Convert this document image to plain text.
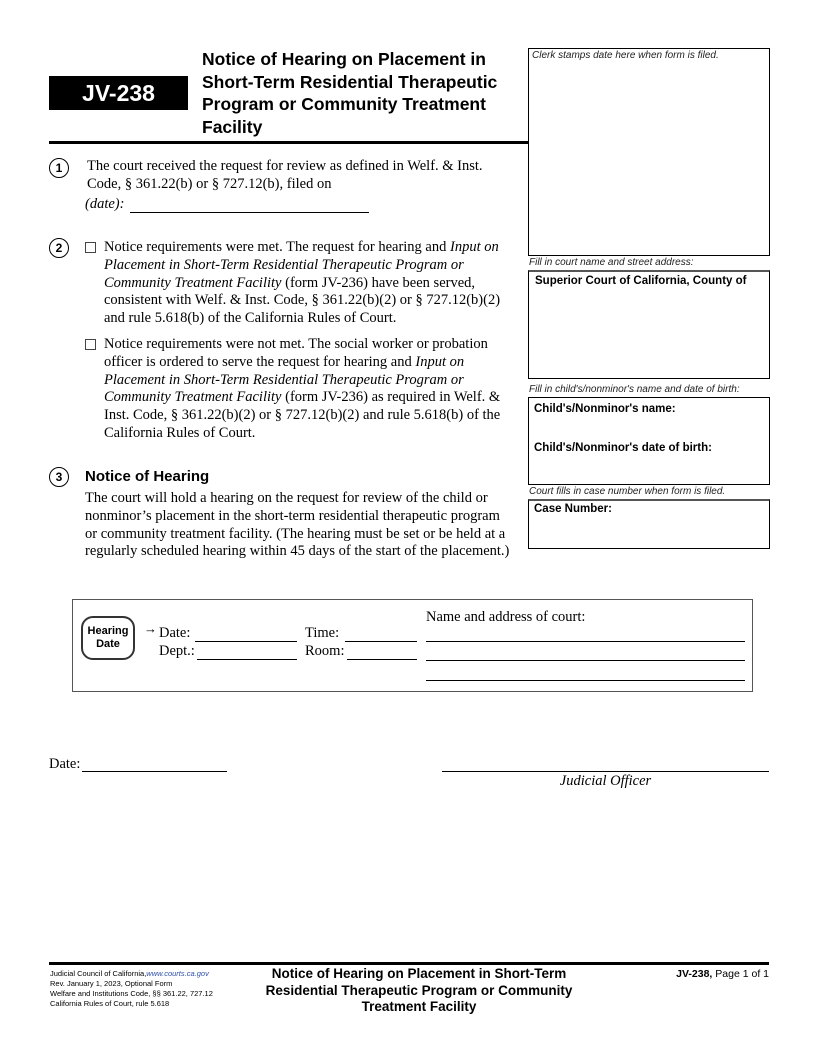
JV-238
Notice of Hearing on Placement in Short-Term Residential Therapeutic Program or Community Treatment Facility
Clerk stamps date here when form is filed.
Fill in court name and street address:
Superior Court of California, County of
Fill in child's/nonminor's name and date of birth:
Child's/Nonminor's name:
Child's/Nonminor's date of birth:
Court fills in case number when form is filed.
Case Number:
1	The court received the request for review as defined in Welf. & Inst.
Code, § 361.22(b) or § 727.12(b), filed on
(date):
2	Notice requirements were met. The request for hearing and Input on Placement in Short-Term Residential Therapeutic Program or Community Treatment Facility (form JV-236) have been served, consistent with Welf. & Inst. Code, § 361.22(b)(2) or § 727.12(b)(2) and rule 5.618(b) of the California Rules of Court.
Notice requirements were not met. The social worker or probation officer is ordered to serve the request for hearing and Input on Placement in Short-Term Residential Therapeutic Program or Community Treatment Facility (form JV-236) as required in Welf. & Inst. Code, § 361.22(b)(2) or § 727.12(b)(2) and rule 5.618(b) of the California Rules of Court.
3	Notice of Hearing
The court will hold a hearing on the request for review of the child or nonminor’s placement in the short-term residential therapeutic program or community treatment facility. (The hearing must be set or be held at a regularly scheduled hearing within 45 days of the start of the placement.)
Hearing
Date
→ Date:	Time:
Dept.:	Room:
Name and address of court:
Date:
Judicial Officer
Judicial Council of California,www.courts.ca.gov
Rev. January 1, 2023, Optional Form
Welfare and Institutions Code, §§ 361.22, 727.12
California Rules of Court, rule 5.618
Notice of Hearing on Placement in Short-Term Residential Therapeutic Program or Community Treatment Facility
JV-238, Page 1 of 1
